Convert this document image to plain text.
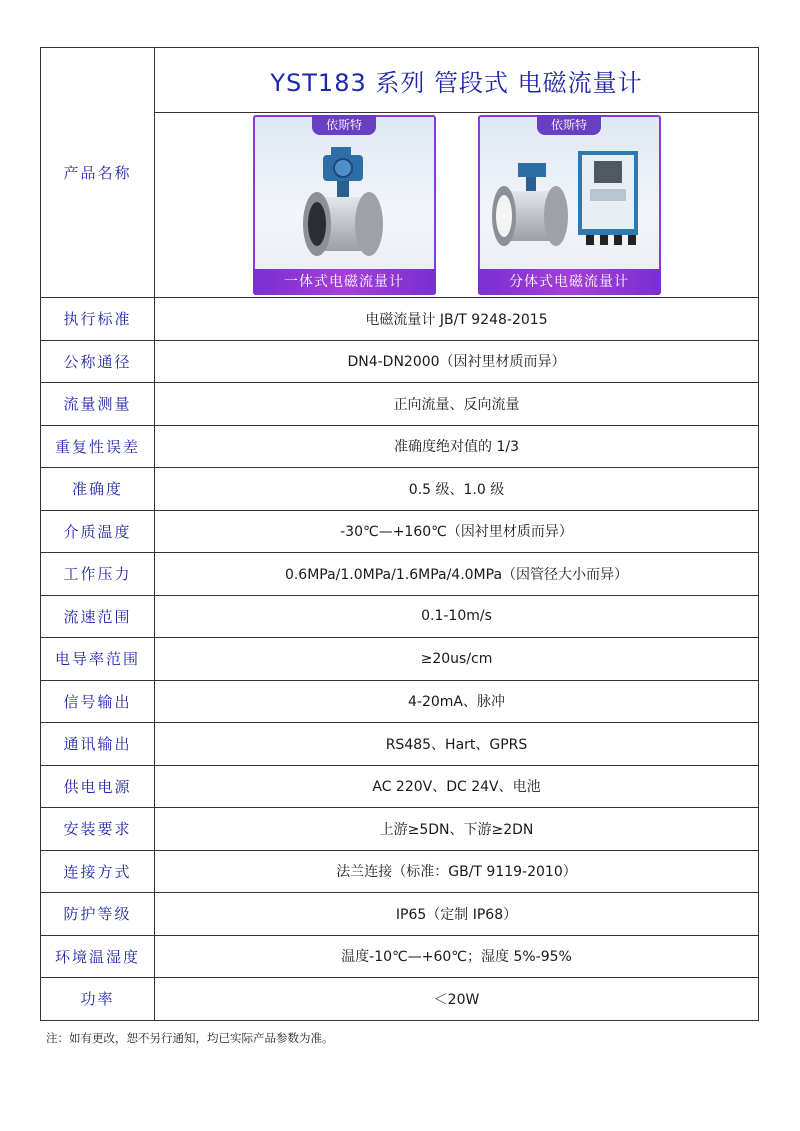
产品名称	YST183 系列 管段式 电磁流量计

	依斯特
一体式电磁流量计
依斯特
分体式电磁流量计

执行标准	电磁流量计 JB/T 9248-2015
公称通径	DN4-DN2000（因衬里材质而异）
流量测量	正向流量、反向流量
重复性误差	准确度绝对值的 1/3
准确度	0.5 级、1.0 级
介质温度	-30℃—+160℃（因衬里材质而异）
工作压力	0.6MPa/1.0MPa/1.6MPa/4.0MPa（因管径大小而异）
流速范围	0.1-10m/s
电导率范围	≥20us/cm
信号输出	4-20mA、脉冲
通讯输出	RS485、Hart、GPRS
供电电源	AC 220V、DC 24V、电池
安装要求	上游≥5DN、下游≥2DN
连接方式	法兰连接（标准：GB/T 9119-2010）
防护等级	IP65（定制 IP68）
环境温湿度	温度-10℃—+60℃；湿度 5%-95%
功率	＜20W
注：如有更改，恕不另行通知，均已实际产品参数为准。
